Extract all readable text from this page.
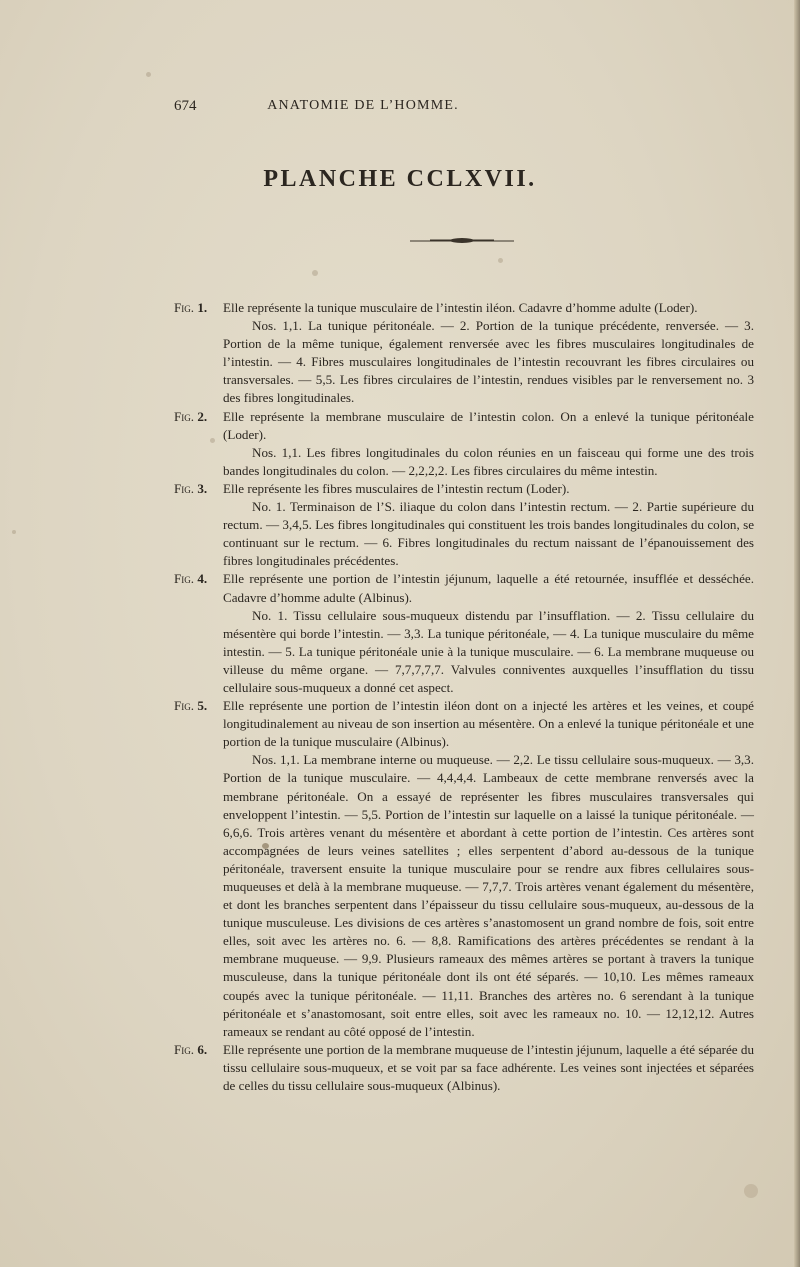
674	ANATOMIE DE L’HOMME.
PLANCHE CCLXVII.

Fig. 1. Elle représente la tunique musculaire de l’intestin iléon. Cadavre d’homme adulte (Loder).

Nos. 1,1. La tunique péritonéale. — 2. Portion de la tunique précédente, renversée. — 3. Portion de la même tunique, également renversée avec les fibres musculaires longitudinales de l’intestin. — 4. Fibres musculaires longitudinales de l’intestin recouvrant les fibres circulaires ou transversales. — 5,5. Les fibres circulaires de l’intestin, rendues visibles par le renversement no. 3 des fibres longitudinales.

Fig. 2. Elle représente la membrane musculaire de l’intestin colon. On a enlevé la tunique péritonéale (Loder).

Nos. 1,1. Les fibres longitudinales du colon réunies en un faisceau qui forme une des trois bandes longitudinales du colon. — 2,2,2,2. Les fibres circulaires du même intestin.

Fig. 3. Elle représente les fibres musculaires de l’intestin rectum (Loder).

No. 1. Terminaison de l’S. iliaque du colon dans l’intestin rectum. — 2. Partie supérieure du rectum. — 3,4,5. Les fibres longitudinales qui constituent les trois bandes longitudinales du colon, se continuant sur le rectum. — 6. Fibres longitudinales du rectum naissant de l’épanouissement des fibres longitudinales précédentes.

Fig. 4. Elle représente une portion de l’intestin jéjunum, laquelle a été retournée, insufflée et desséchée. Cadavre d’homme adulte (Albinus).

No. 1. Tissu cellulaire sous-muqueux distendu par l’insufflation. — 2. Tissu cellulaire du mésentère qui borde l’intestin. — 3,3. La tunique péritonéale, — 4. La tunique musculaire du même intestin. — 5. La tunique péritonéale unie à la tunique musculaire. — 6. La membrane muqueuse ou villeuse du même organe. — 7,7,7,7,7. Valvules conniventes auxquelles l’insufflation du tissu cellulaire sous-muqueux a donné cet aspect.

Fig. 5. Elle représente une portion de l’intestin iléon dont on a injecté les artères et les veines, et coupé longitudinalement au niveau de son insertion au mésentère. On a enlevé la tunique péritonéale et une portion de la tunique musculaire (Albinus).

Nos. 1,1. La membrane interne ou muqueuse. — 2,2. Le tissu cellulaire sous-muqueux. — 3,3. Portion de la tunique musculaire. — 4,4,4,4. Lambeaux de cette membrane renversés avec la membrane péritonéale. On a essayé de représenter les fibres musculaires transversales qui enveloppent l’intestin. — 5,5. Portion de l’intestin sur laquelle on a laissé la tunique péritonéale. — 6,6,6. Trois artères venant du mésentère et abordant à cette portion de l’intestin. Ces artères sont accompagnées de leurs veines satellites ; elles serpentent d’abord au-dessous de la tunique péritonéale, traversent ensuite la tunique musculaire pour se rendre aux fibres cellulaires sous-muqueuses et delà à la membrane muqueuse. — 7,7,7. Trois artères venant également du mésentère, et dont les branches serpentent dans l’épaisseur du tissu cellulaire sous-muqueux, au-dessous de la tunique musculeuse. Les divisions de ces artères s’anastomosent un grand nombre de fois, soit entre elles, soit avec les artères no. 6. — 8,8. Ramifications des artères précédentes se rendant à la membrane muqueuse. — 9,9. Plusieurs rameaux des mêmes artères se portant à travers la tunique musculeuse, dans la tunique péritonéale dont ils ont été séparés. — 10,10. Les mêmes rameaux coupés avec la tunique péritonéale. — 11,11. Branches des artères no. 6 serendant à la tunique péritonéale et s’anastomosant, soit entre elles, soit avec les rameaux no. 10. — 12,12,12. Autres rameaux se rendant au côté opposé de l’intestin.

Fig. 6. Elle représente une portion de la membrane muqueuse de l’intestin jéjunum, laquelle a été séparée du tissu cellulaire sous-muqueux, et se voit par sa face adhérente. Les veines sont injectées et séparées de celles du tissu cellulaire sous-muqueux (Albinus).
